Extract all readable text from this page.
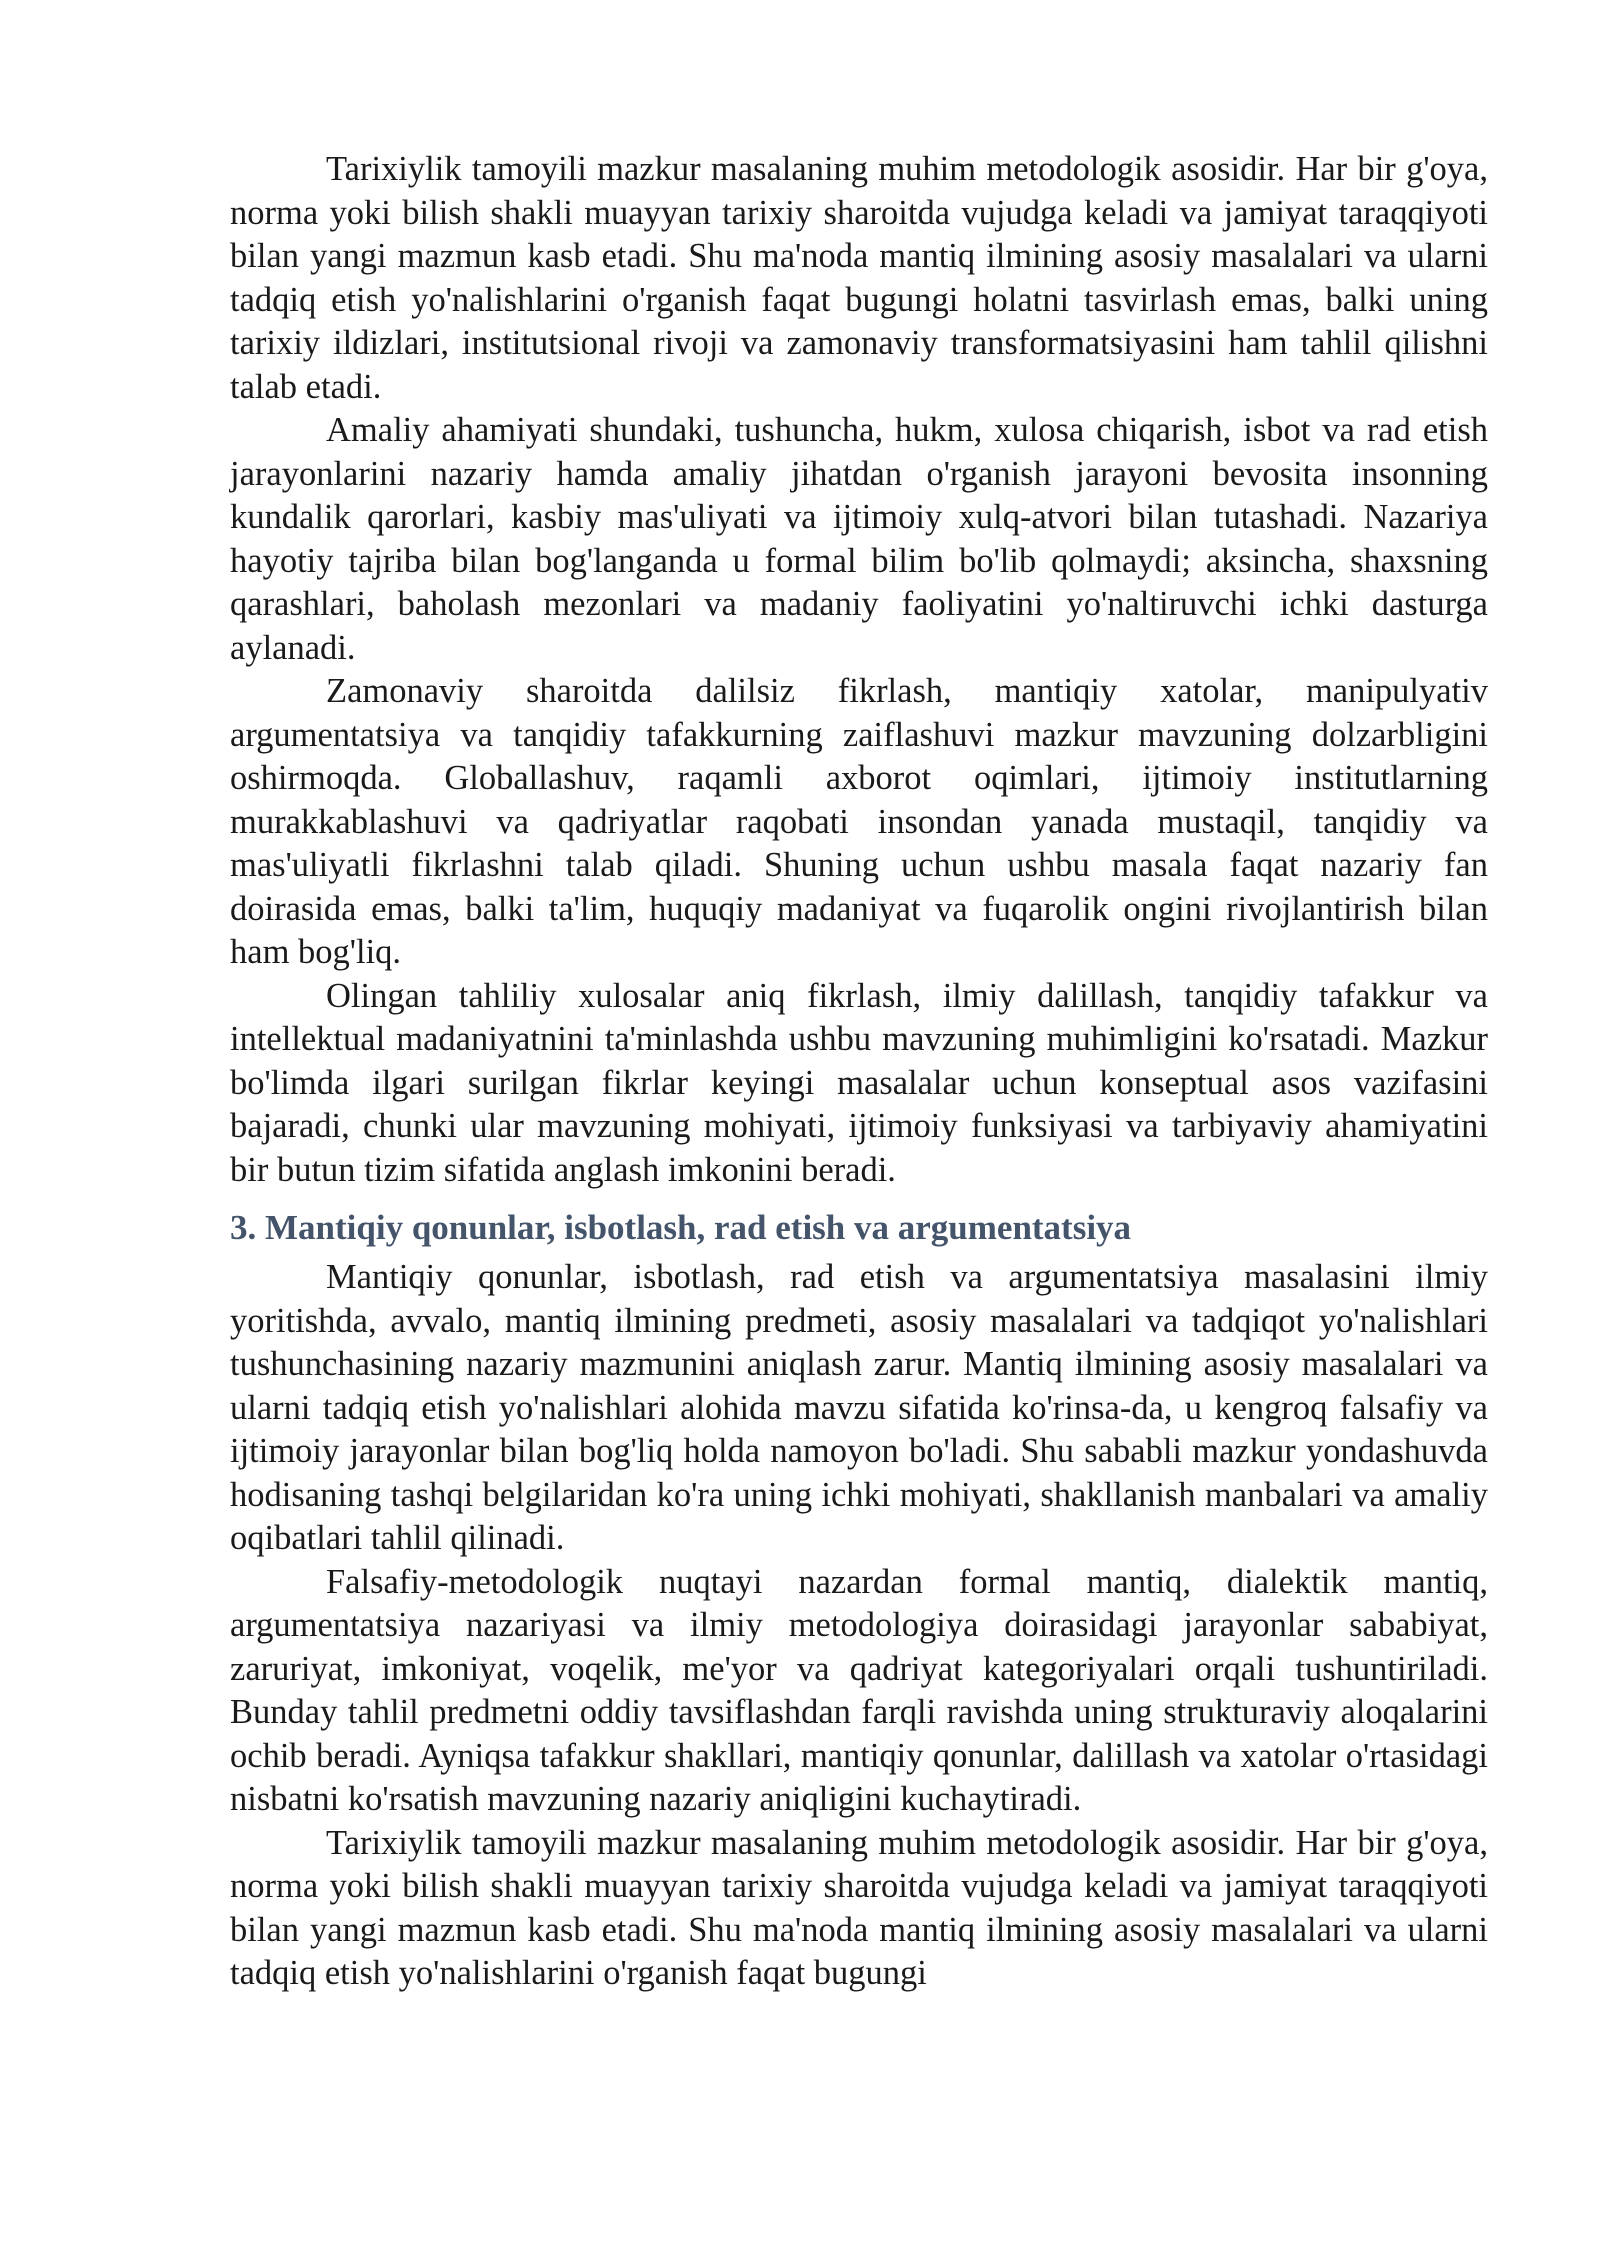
Tarixiylik tamoyili mazkur masalaning muhim metodologik asosidir. Har bir g'oya, norma yoki bilish shakli muayyan tarixiy sharoitda vujudga keladi va jamiyat taraqqiyoti bilan yangi mazmun kasb etadi. Shu ma'noda mantiq ilmining asosiy masalalari va ularni tadqiq etish yo'nalishlarini o'rganish faqat bugungi holatni tasvirlash emas, balki uning tarixiy ildizlari, institutsional rivoji va zamonaviy transformatsiyasini ham tahlil qilishni talab etadi.

Amaliy ahamiyati shundaki, tushuncha, hukm, xulosa chiqarish, isbot va rad etish jarayonlarini nazariy hamda amaliy jihatdan o'rganish jarayoni bevosita insonning kundalik qarorlari, kasbiy mas'uliyati va ijtimoiy xulq-atvori bilan tutashadi. Nazariya hayotiy tajriba bilan bog'langanda u formal bilim bo'lib qolmaydi; aksincha, shaxsning qarashlari, baholash mezonlari va madaniy faoliyatini yo'naltiruvchi ichki dasturga aylanadi.

Zamonaviy sharoitda dalilsiz fikrlash, mantiqiy xatolar, manipulyativ argumentatsiya va tanqidiy tafakkurning zaiflashuvi mazkur mavzuning dolzarbligini oshirmoqda. Globallashuv, raqamli axborot oqimlari, ijtimoiy institutlarning murakkablashuvi va qadriyatlar raqobati insondan yanada mustaqil, tanqidiy va mas'uliyatli fikrlashni talab qiladi. Shuning uchun ushbu masala faqat nazariy fan doirasida emas, balki ta'lim, huquqiy madaniyat va fuqarolik ongini rivojlantirish bilan ham bog'liq.

Olingan tahliliy xulosalar aniq fikrlash, ilmiy dalillash, tanqidiy tafakkur va intellektual madaniyatnini ta'minlashda ushbu mavzuning muhimligini ko'rsatadi. Mazkur bo'limda ilgari surilgan fikrlar keyingi masalalar uchun konseptual asos vazifasini bajaradi, chunki ular mavzuning mohiyati, ijtimoiy funksiyasi va tarbiyaviy ahamiyatini bir butun tizim sifatida anglash imkonini beradi.

3. Mantiqiy qonunlar, isbotlash, rad etish va argumentatsiya

Mantiqiy qonunlar, isbotlash, rad etish va argumentatsiya masalasini ilmiy yoritishda, avvalo, mantiq ilmining predmeti, asosiy masalalari va tadqiqot yo'nalishlari tushunchasining nazariy mazmunini aniqlash zarur. Mantiq ilmining asosiy masalalari va ularni tadqiq etish yo'nalishlari alohida mavzu sifatida ko'rinsa-da, u kengroq falsafiy va ijtimoiy jarayonlar bilan bog'liq holda namoyon bo'ladi. Shu sababli mazkur yondashuvda hodisaning tashqi belgilaridan ko'ra uning ichki mohiyati, shakllanish manbalari va amaliy oqibatlari tahlil qilinadi.

Falsafiy-metodologik nuqtayi nazardan formal mantiq, dialektik mantiq, argumentatsiya nazariyasi va ilmiy metodologiya doirasidagi jarayonlar sababiyat, zaruriyat, imkoniyat, voqelik, me'yor va qadriyat kategoriyalari orqali tushuntiriladi. Bunday tahlil predmetni oddiy tavsiflashdan farqli ravishda uning strukturaviy aloqalarini ochib beradi. Ayniqsa tafakkur shakllari, mantiqiy qonunlar, dalillash va xatolar o'rtasidagi nisbatni ko'rsatish mavzuning nazariy aniqligini kuchaytiradi.

Tarixiylik tamoyili mazkur masalaning muhim metodologik asosidir. Har bir g'oya, norma yoki bilish shakli muayyan tarixiy sharoitda vujudga keladi va jamiyat taraqqiyoti bilan yangi mazmun kasb etadi. Shu ma'noda mantiq ilmining asosiy masalalari va ularni tadqiq etish yo'nalishlarini o'rganish faqat bugungi
